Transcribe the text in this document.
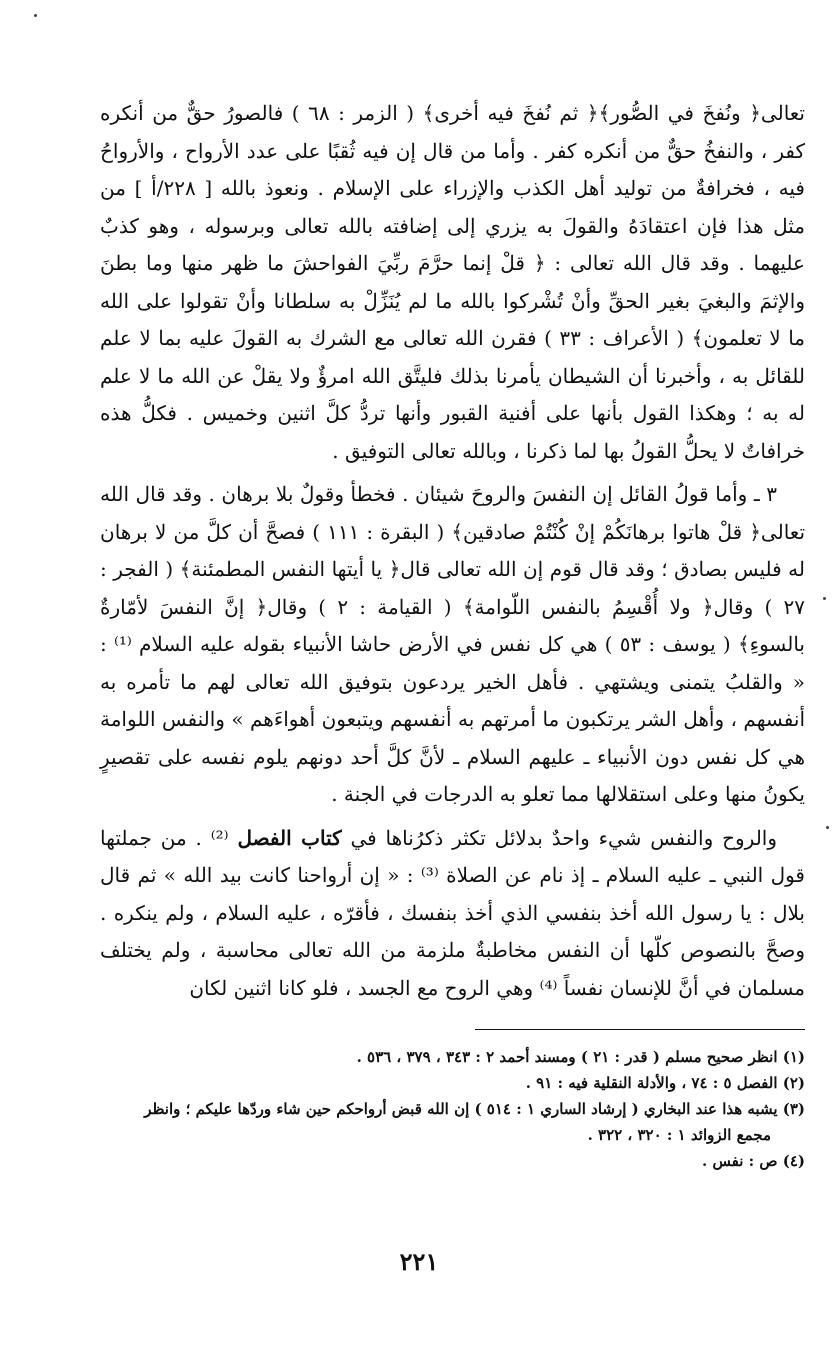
تعالى﴿ ونُفخَ في الصُّور﴾﴿ ثم نُفخَ فيه أخرى﴾ ( الزمر : ٦٨ ) فالصورُ حقٌّ من أنكره كفر ، والنفخُ حقٌّ من أنكره كفر . وأما من قال إن فيه ثُقبًا على عدد الأرواح ، والأرواحُ فيه ، فخرافةٌ من توليد أهل الكذب والإزراء على الإسلام . ونعوذ بالله [ ٢٢٨/أ ] من مثل هذا فإن اعتقادَهُ والقولَ به يزري إلى إضافته بالله تعالى وبرسوله ، وهو كذبٌ عليهما . وقد قال الله تعالى : ﴿ قلْ إنما حرَّمَ ربِّيَ الفواحشَ ما ظهر منها وما بطنَ والإثمَ والبغيَ بغير الحقِّ وأنْ تُشْركوا بالله ما لم يُنَزِّلْ به سلطانا وأنْ تقولوا على الله ما لا تعلمون﴾ ( الأعراف : ٣٣ ) فقرن الله تعالى مع الشرك به القولَ عليه بما لا علم للقائل به ، وأخبرنا أن الشيطان يأمرنا بذلك فليتَّق الله امرؤٌ ولا يقلْ عن الله ما لا علم له به ؛ وهكذا القول بأنها على أفنية القبور وأنها تردُّ كلَّ اثنين وخميس . فكلُّ هذه خرافاتٌ لا يحلُّ القولُ بها لما ذكرنا ، وبالله تعالى التوفيق .

٣ ـ وأما قولُ القائل إن النفسَ والروحَ شيئان . فخطأ وقولٌ بلا برهان . وقد قال الله تعالى﴿ قلْ هاتوا برهانَكُمْ إنْ كُنْتُمْ صادقين﴾ ( البقرة : ١١١ ) فصحَّ أن كلَّ من لا برهان له فليس بصادق ؛ وقد قال قوم إن الله تعالى قال﴿ يا أيتها النفس المطمئنة﴾ ( الفجر : ٢٧ ) وقال﴿ ولا أُقْسِمُ بالنفس اللّوامة﴾ ( القيامة : ٢ ) وقال﴿ إنَّ النفسَ لأمّارةٌ بالسوءِ﴾ ( يوسف : ٥٣ ) هي كل نفس في الأرض حاشا الأنبياء بقوله عليه السلام ⁽¹⁾ : « والقلبُ يتمنى ويشتهي . فأهل الخير يردعون بتوفيق الله تعالى لهم ما تأمره به أنفسهم ، وأهل الشر يرتكبون ما أمرتهم به أنفسهم ويتبعون أهواءَهم » والنفس اللوامة هي كل نفس دون الأنبياء ـ عليهم السلام ـ لأنَّ كلَّ أحد دونهم يلوم نفسه على تقصيرٍ يكونُ منها وعلى استقلالها مما تعلو به الدرجات في الجنة .

والروح والنفس شيء واحدٌ بدلائل تكثر ذكرُناها في كتاب الفصل ⁽²⁾ . من جملتها قول النبي ـ عليه السلام ـ إذ نام عن الصلاة ⁽³⁾ : « إن أرواحنا كانت بيد الله » ثم قال بلال : يا رسول الله أخذ بنفسي الذي أخذ بنفسك ، فأقرّه ، عليه السلام ، ولم ينكره . وصحَّ بالنصوص كلّها أن النفس مخاطبةٌ ملزمة من الله تعالى محاسبة ، ولم يختلف مسلمان في أنَّ للإنسان نفساً ⁽⁴⁾ وهي الروح مع الجسد ، فلو كانا اثنين لكان

(١) انظر صحيح مسلم ( قدر : ٢١ ) ومسند أحمد ٢ : ٣٤٣ ، ٣٧٩ ، ٥٣٦ .

(٢) الفصل ٥ : ٧٤ ، والأدلة النقلية فيه : ٩١ .

(٣) يشبه هذا عند البخاري ( إرشاد الساري ١ : ٥١٤ ) إن الله قبض أرواحكم حين شاء وردّها عليكم ؛ وانظر
مجمع الزوائد ١ : ٣٢٠ ، ٣٢٢ .

(٤) ص : نفس .

٢٢١
